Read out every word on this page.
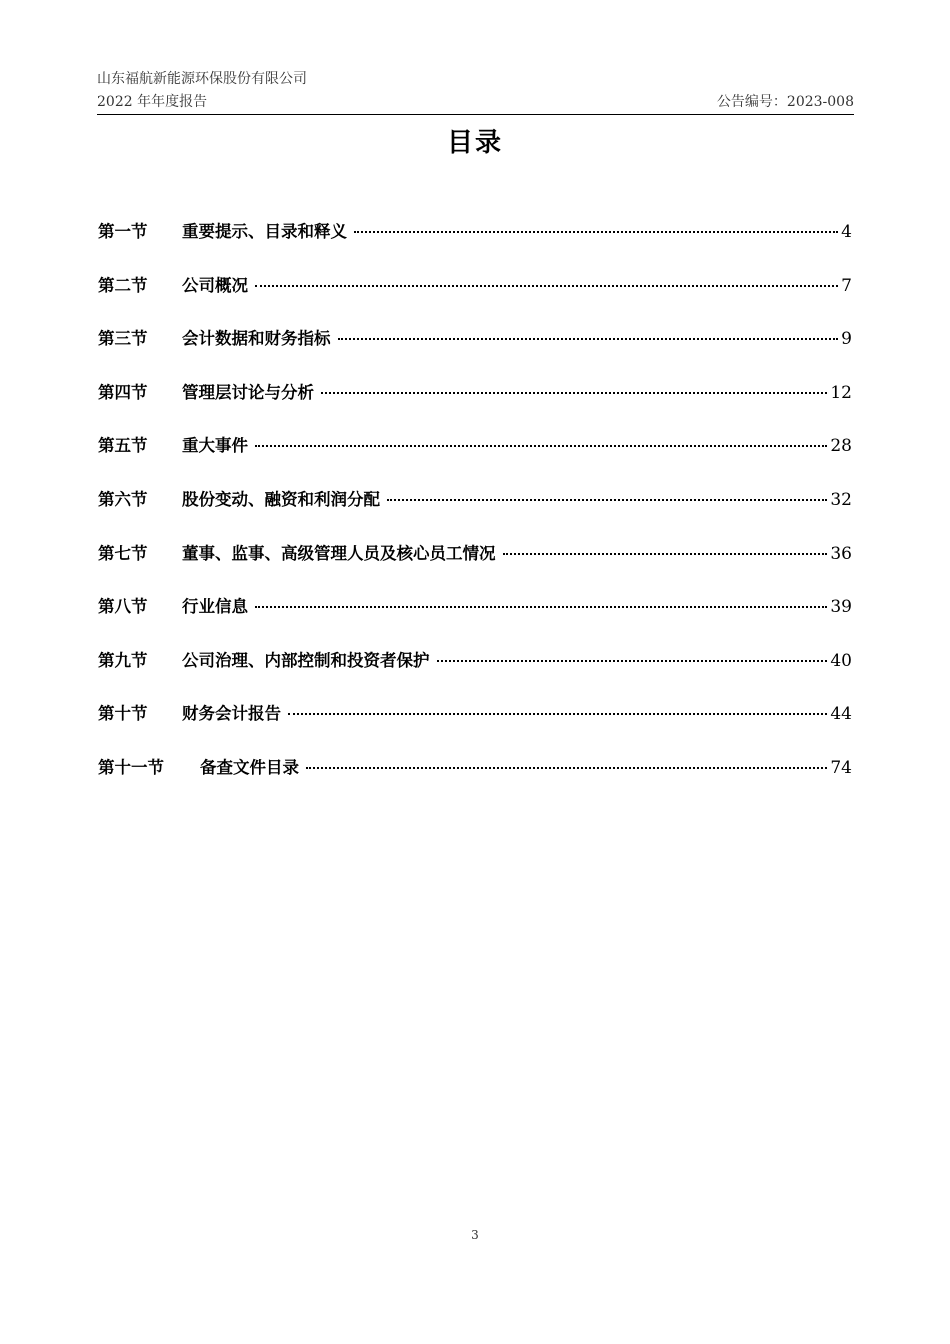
山东福航新能源环保股份有限公司
2022 年年度报告	公告编号：2023-008
目录
第一节	重要提示、目录和释义	4
第二节	公司概况	7
第三节	会计数据和财务指标	9
第四节	管理层讨论与分析	12
第五节	重大事件	28
第六节	股份变动、融资和利润分配	32
第七节	董事、监事、高级管理人员及核心员工情况	36
第八节	行业信息	39
第九节	公司治理、内部控制和投资者保护	40
第十节	财务会计报告	44
第十一节	备查文件目录	74
3
